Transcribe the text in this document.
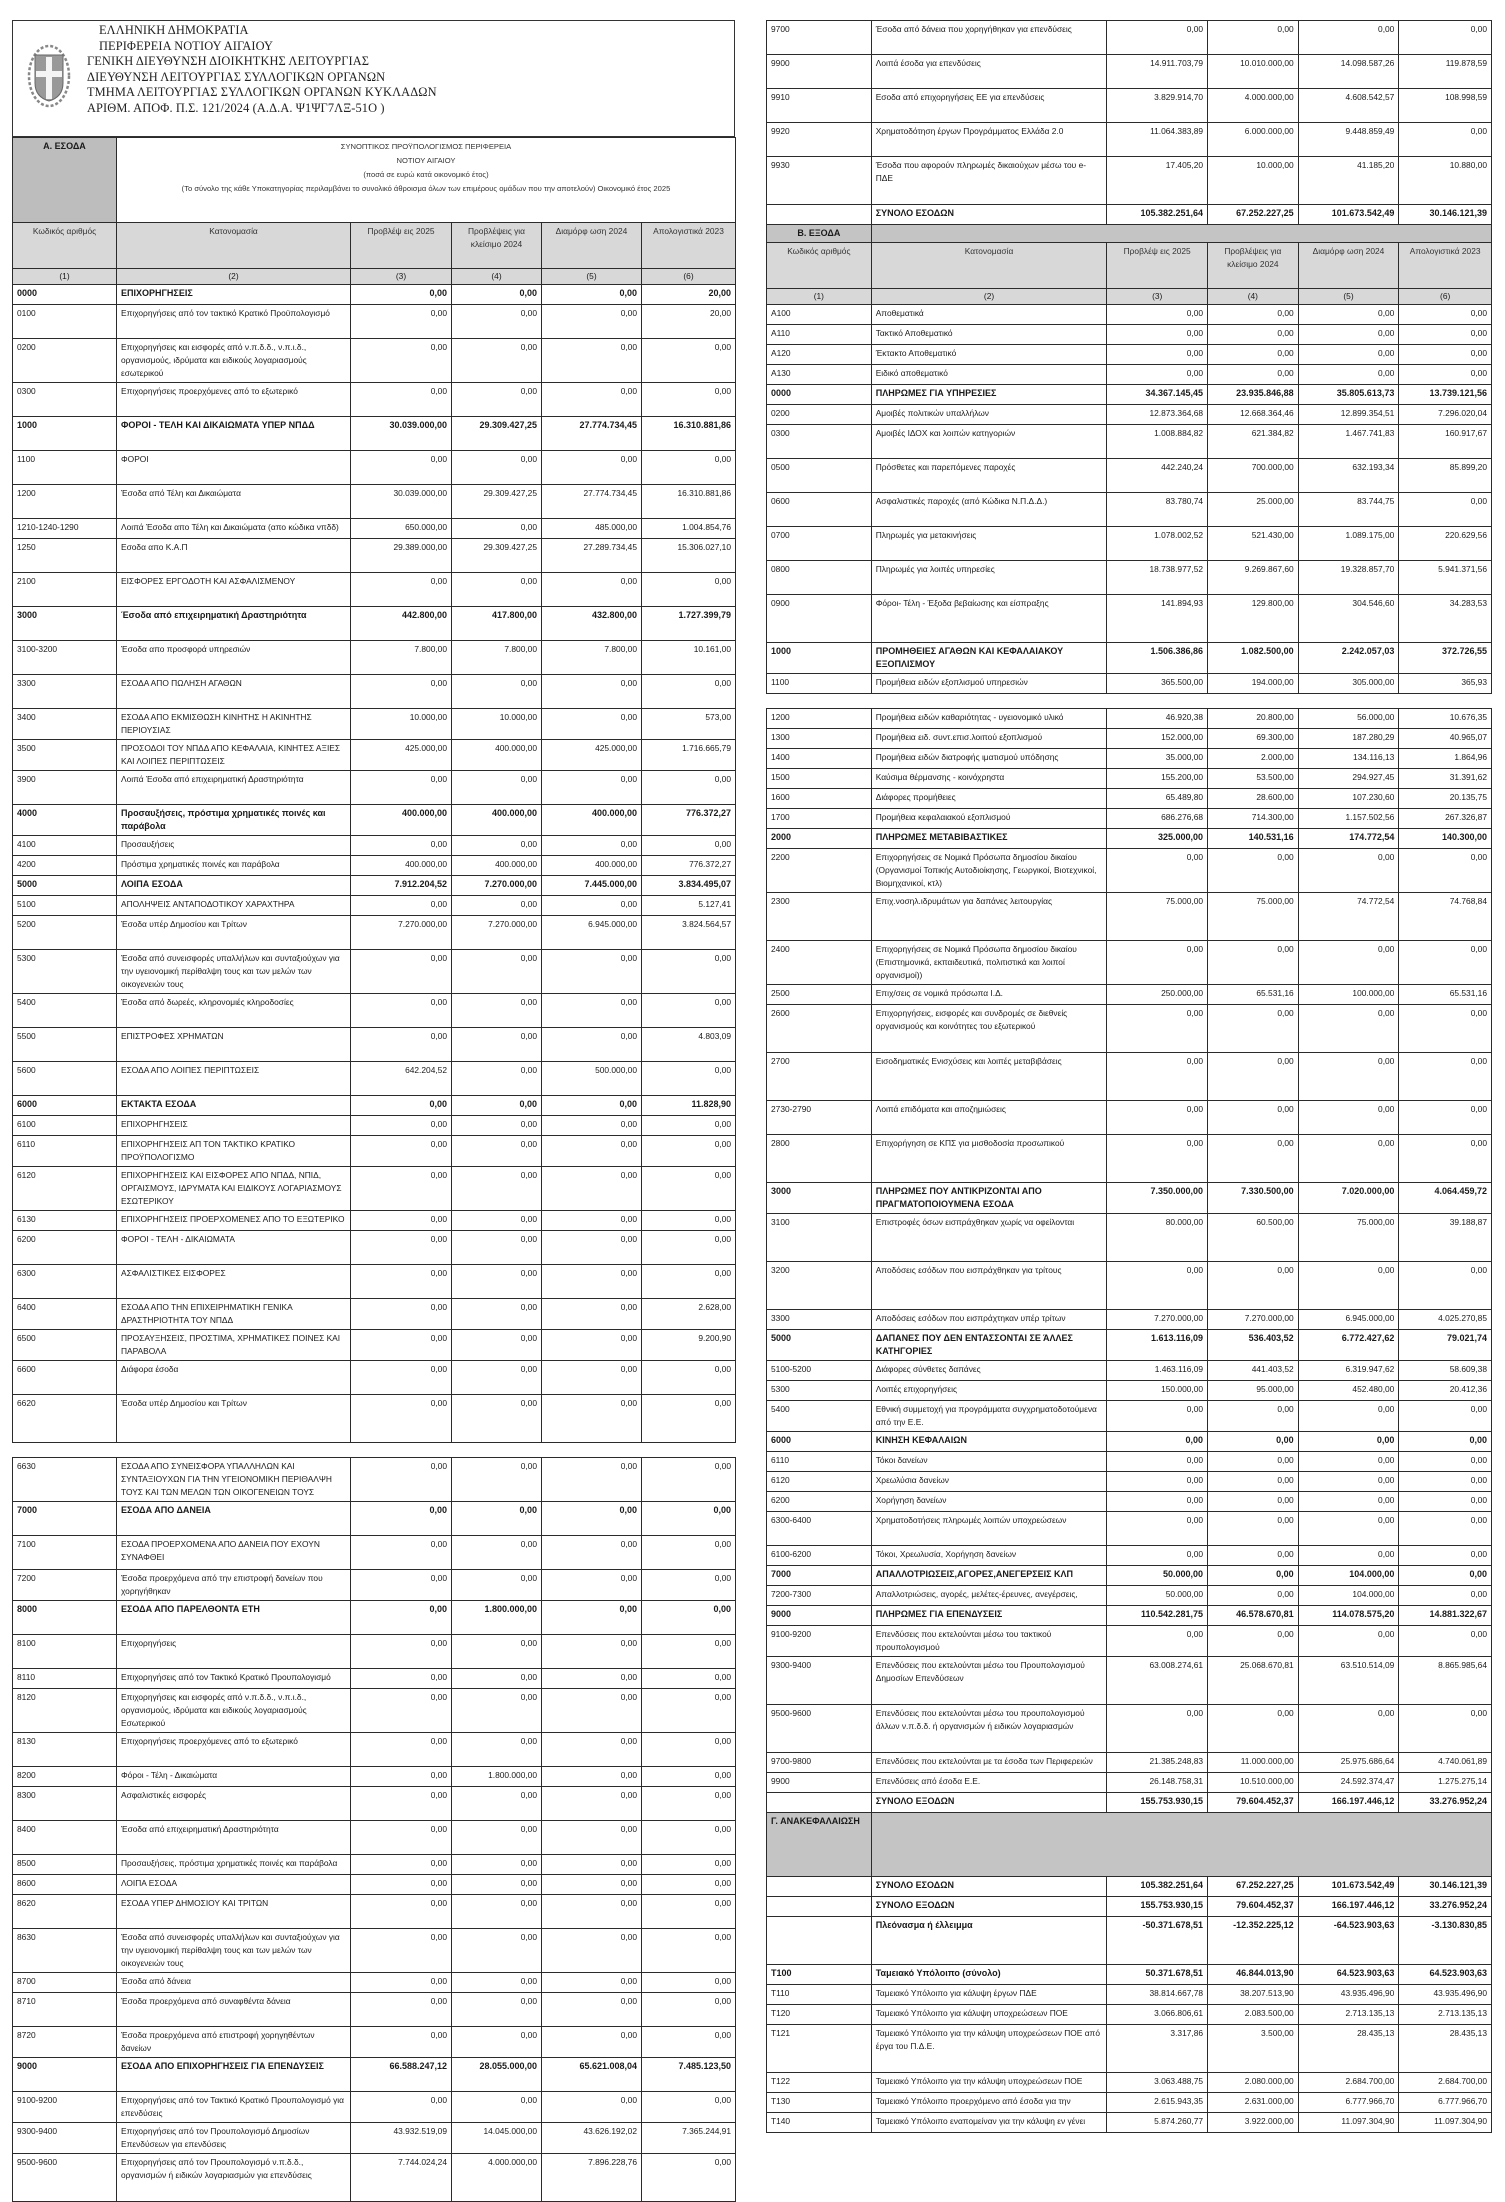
ΕΛΛΗΝΙΚΗ ΔΗΜΟΚΡΑΤΙΑ
ΠΕΡΙΦΕΡΕΙΑ ΝΟΤΙΟΥ ΑΙΓΑΙΟΥ
ΓΕΝΙΚΗ ΔΙΕΥΘΥΝΣΗ ΔΙΟΙΚΗΤΚΗΣ ΛΕΙΤΟΥΡΓΙΑΣ
ΔΙΕΥΘΥΝΣΗ ΛΕΙΤΟΥΡΓΙΑΣ ΣΥΛΛΟΓΙΚΩΝ ΟΡΓΑΝΩΝ
ΤΜΗΜΑ ΛΕΙΤΟΥΡΓΙΑΣ ΣΥΛΛΟΓΙΚΩΝ ΟΡΓΑΝΩΝ ΚΥΚΛΑΔΩΝ
ΑΡΙΘΜ. ΑΠΟΦ. Π.Σ. 121/2024 (Α.Δ.Α. Ψ1ΨΓ7ΛΞ-51Ο )
Α. ΕΣΟΔΑ	ΣΥΝΟΠΤΙΚΟΣ ΠΡΟΫΠΟΛΟΓΙΣΜΟΣ ΠΕΡΙΦΕΡΕΙΑ
ΝΟΤΙΟΥ ΑΙΓΑΙΟΥ
(ποσά σε ευρώ κατά οικονομικό έτος)
(Το σύνολο της κάθε Υποκατηγορίας περιλαμβάνει το συνολικό άθροισμα όλων των επιμέρους ομάδων που την αποτελούν) Οικονομικό έτος 2025				

Κωδικός αριθμός	Κατονομασία	Προβλέψ εις 2025	Προβλέψεις για κλείσιμο 2024	Διαμόρφ ωση 2024	Απολογιστικά 2023
(1)	(2)	(3)	(4)	(5)	(6)
0000	ΕΠΙΧΟΡΗΓΗΣΕΙΣ	0,00	0,00	0,00	20,00
0100	Επιχορηγήσεις από τον τακτικό Κρατικό Προϋπολογισμό	0,00	0,00	0,00	20,00
0200	Επιχορηγήσεις και εισφορές από ν.π.δ.δ., ν.π.ι.δ., οργανισμούς, ιδρύματα και ειδικούς λογαριασμούς εσωτερικού	0,00	0,00	0,00	0,00
0300	Επιχορηγήσεις προερχόμενες από το εξωτερικό	0,00	0,00	0,00	0,00
1000	ΦΟΡΟΙ - ΤΕΛΗ ΚΑΙ ΔΙΚΑΙΩΜΑΤΑ ΥΠΕΡ ΝΠΔΔ	30.039.000,00	29.309.427,25	27.774.734,45	16.310.881,86
1100	ΦΟΡΟΙ	0,00	0,00	0,00	0,00
1200	Έσοδα από Τέλη και Δικαιώματα	30.039.000,00	29.309.427,25	27.774.734,45	16.310.881,86
1210-1240-1290	Λοιπά Έσοδα απο Τέλη και Δικαιώματα (απο κώδικα νπδδ)	650.000,00	0,00	485.000,00	1.004.854,76
1250	Εσοδα απο Κ.Α.Π	29.389.000,00	29.309.427,25	27.289.734,45	15.306.027,10
2100	ΕΙΣΦΟΡΕΣ ΕΡΓΟΔΟΤΗ ΚΑΙ ΑΣΦΑΛΙΣΜΕΝΟΥ	0,00	0,00	0,00	0,00
3000	Έσοδα από επιχειρηματική Δραστηριότητα	442.800,00	417.800,00	432.800,00	1.727.399,79
3100-3200	Έσοδα απο προσφορά υπηρεσιών	7.800,00	7.800,00	7.800,00	10.161,00
3300	ΕΣΟΔΑ ΑΠΟ ΠΩΛΗΣΗ ΑΓΑΘΩΝ	0,00	0,00	0,00	0,00
3400	ΕΣΟΔΑ ΑΠΟ ΕΚΜΙΣΘΩΣΗ ΚΙΝΗΤΗΣ Η ΑΚΙΝΗΤΗΣ ΠΕΡΙΟΥΣΙΑΣ	10.000,00	10.000,00	0,00	573,00
3500	ΠΡΟΣΟΔΟΙ ΤΟΥ ΝΠΔΔ ΑΠΟ ΚΕΦΑΛΑΙΑ, ΚΙΝΗΤΕΣ ΑΞΙΕΣ ΚΑΙ ΛΟΙΠΕΣ ΠΕΡΙΠΤΩΣΕΙΣ	425.000,00	400.000,00	425.000,00	1.716.665,79
3900	Λοιπά Έσοδα από επιχειρηματική Δραστηριότητα	0,00	0,00	0,00	0,00
4000	Προσαυξήσεις, πρόστιμα χρηματικές ποινές και παράβολα	400.000,00	400.000,00	400.000,00	776.372,27
4100	Προσαυξήσεις	0,00	0,00	0,00	0,00
4200	Πρόστιμα χρηματικές ποινές και παράβολα	400.000,00	400.000,00	400.000,00	776.372,27
5000	ΛΟΙΠΑ ΕΣΟΔΑ	7.912.204,52	7.270.000,00	7.445.000,00	3.834.495,07
5100	ΑΠΟΛΗΨΕΙΣ ΑΝΤΑΠΟΔΟΤΙΚΟΥ ΧΑΡΑΧΤΗΡΑ	0,00	0,00	0,00	5.127,41
5200	Έσοδα υπέρ Δημοσίου και Τρίτων	7.270.000,00	7.270.000,00	6.945.000,00	3.824.564,57
5300	Έσοδα από συνεισφορές υπαλλήλων και συνταξιούχων για την υγειονομική περίθαλψη τους και των μελών των οικογενειών τους	0,00	0,00	0,00	0,00
5400	Έσοδα από δωρεές, κληρονομιές κληροδοσίες	0,00	0,00	0,00	0,00
5500	ΕΠΙΣΤΡΟΦΕΣ ΧΡΗΜΑΤΩΝ	0,00	0,00	0,00	4.803,09
5600	ΕΣΟΔΑ ΑΠΟ ΛΟΙΠΕΣ ΠΕΡΙΠΤΩΣΕΙΣ	642.204,52	0,00	500.000,00	0,00
6000	ΕΚΤΑΚΤΑ ΕΣΟΔΑ	0,00	0,00	0,00	11.828,90
6100	ΕΠΙΧΟΡΗΓΗΣΕΙΣ	0,00	0,00	0,00	0,00
6110	ΕΠΙΧΟΡΗΓΗΣΕΙΣ ΑΠ ΤΟΝ ΤΑΚΤΙΚΟ ΚΡΑΤΙΚΟ ΠΡΟΫΠΟΛΟΓΙΣΜΟ	0,00	0,00	0,00	0,00
6120	ΕΠΙΧΟΡΗΓΗΣΕΙΣ ΚΑΙ ΕΙΣΦΟΡΕΣ ΑΠΟ ΝΠΔΔ, ΝΠΙΔ, ΟΡΓΑΙΣΜΟΥΣ, ΙΔΡΥΜΑΤΑ ΚΑΙ ΕΙΔΙΚΟΥΣ ΛΟΓΑΡΙΑΣΜΟΥΣ ΕΣΩΤΕΡΙΚΟΥ	0,00	0,00	0,00	0,00
6130	ΕΠΙΧΟΡΗΓΗΣΕΙΣ ΠΡΟΕΡΧΟΜΕΝΕΣ ΑΠΟ ΤΟ ΕΞΩΤΕΡΙΚΟ	0,00	0,00	0,00	0,00
6200	ΦΟΡΟΙ - ΤΕΛΗ - ΔΙΚΑΙΩΜΑΤΑ	0,00	0,00	0,00	0,00
6300	ΑΣΦΑΛΙΣΤΙΚΕΣ ΕΙΣΦΟΡΕΣ	0,00	0,00	0,00	0,00
6400	ΕΣΟΔΑ ΑΠΟ ΤΗΝ ΕΠΙΧΕΙΡΗΜΑΤΙΚΗ ΓΕΝΙΚΑ ΔΡΑΣΤΗΡΙΟΤΗΤΑ ΤΟΥ ΝΠΔΔ	0,00	0,00	0,00	2.628,00
6500	ΠΡΟΣΑΥΞΗΣΕΙΣ, ΠΡΟΣΤΙΜΑ, ΧΡΗΜΑΤΙΚΕΣ ΠΟΙΝΕΣ ΚΑΙ ΠΑΡΑΒΟΛΑ	0,00	0,00	0,00	9.200,90
6600	Διάφορα έσοδα	0,00	0,00	0,00	0,00
6620	Έσοδα υπέρ Δημοσίου και Τρίτων	0,00	0,00	0,00	0,00
6630	ΕΣΟΔΑ ΑΠΟ ΣΥΝΕΙΣΦΟΡΑ ΥΠΑΛΛΗΛΩΝ ΚΑΙ ΣΥΝΤΑΞΙΟΥΧΩΝ ΓΙΑ ΤΗΝ ΥΓΕΙΟΝΟΜΙΚΗ ΠΕΡΙΘΑΛΨΗ ΤΟΥΣ ΚΑΙ ΤΩΝ ΜΕΛΩΝ ΤΩΝ ΟΙΚΟΓΕΝΕΙΩΝ ΤΟΥΣ	0,00	0,00	0,00	0,00
7000	ΕΣΟΔΑ ΑΠΟ ΔΑΝΕΙΑ	0,00	0,00	0,00	0,00
7100	ΕΣΟΔΑ ΠΡΟΕΡΧΟΜΕΝΑ ΑΠΟ ΔΑΝΕΙΑ ΠΟΥ ΕΧΟΥΝ ΣΥΝΑΦΘΕΙ	0,00	0,00	0,00	0,00
7200	Έσοδα προερχόμενα από την επιστροφή δανείων που χορηγήθηκαν	0,00	0,00	0,00	0,00
8000	ΕΣΟΔΑ ΑΠΟ ΠΑΡΕΛΘΟΝΤΑ ΕΤΗ	0,00	1.800.000,00	0,00	0,00
8100	Επιχορηγήσεις	0,00	0,00	0,00	0,00
8110	Επιχορηγήσεις από τον Τακτικό Κρατικό Προυπολογισμό	0,00	0,00	0,00	0,00
8120	Επιχορηγήσεις και εισφορές από ν.π.δ.δ., ν.π.ι.δ., οργανισμούς, ιδρύματα και ειδικούς λογαριασμούς Εσωτερικού	0,00	0,00	0,00	0,00
8130	Επιχορηγήσεις προερχόμενες από το εξωτερικό	0,00	0,00	0,00	0,00
8200	Φόροι - Τέλη - Δικαιώματα	0,00	1.800.000,00	0,00	0,00
8300	Ασφαλιστικές εισφορές	0,00	0,00	0,00	0,00
8400	Έσοδα από επιχειρηματική Δραστηριότητα	0,00	0,00	0,00	0,00
8500	Προσαυξήσεις, πρόστιμα χρηματικές ποινές και παράβολα	0,00	0,00	0,00	0,00
8600	ΛΟΙΠΑ ΕΣΟΔΑ	0,00	0,00	0,00	0,00
8620	ΕΣΟΔΑ ΥΠΕΡ ΔΗΜΟΣΙΟΥ ΚΑΙ ΤΡΙΤΩΝ	0,00	0,00	0,00	0,00
8630	Έσοδα από συνεισφορές υπαλλήλων και συνταξιούχων για την υγειονομική περίθαλψη τους και των μελών των οικογενειών τους	0,00	0,00	0,00	0,00
8700	Έσοδα από δάνεια	0,00	0,00	0,00	0,00
8710	Έσοδα προερχόμενα από συναφθέντα δάνεια	0,00	0,00	0,00	0,00
8720	Έσοδα προερχόμενα από επιστροφή χορηγηθέντων δανείων	0,00	0,00	0,00	0,00
9000	ΕΣΟΔΑ ΑΠΟ ΕΠΙΧΟΡΗΓΗΣΕΙΣ ΓΙΑ ΕΠΕΝΔΥΣΕΙΣ	66.588.247,12	28.055.000,00	65.621.008,04	7.485.123,50
9100-9200	Επιχορηγήσεις από τον Τακτικό Κρατικό Προυπολογισμό για επενδύσεις	0,00	0,00	0,00	0,00
9300-9400	Επιχορηγήσεις από τον Προυπολογισμό Δημοσίων Επενδύσεων για επενδύσεις	43.932.519,09	14.045.000,00	43.626.192,02	7.365.244,91
9500-9600	Επιχορηγήσεις από τον Προυπολογισμό ν.π.δ.δ., οργανισμών ή ειδικών λογαριασμών για επενδύσεις	7.744.024,24	4.000.000,00	7.896.228,76	0,00
9700	Έσοδα από δάνεια που χορηγήθηκαν για επενδύσεις	0,00	0,00	0,00	0,00
9900	Λοιπά έσοδα για επενδύσεις	14.911.703,79	10.010.000,00	14.098.587,26	119.878,59
9910	Εσοδα από επιχορηγήσεις ΕΕ για επενδύσεις	3.829.914,70	4.000.000,00	4.608.542,57	108.998,59
9920	Χρηματοδότηση έργων Προγράμματος Ελλάδα 2.0	11.064.383,89	6.000.000,00	9.448.859,49	0,00
9930	Έσοδα που αφορούν πληρωμές δικαιούχων μέσω του e-ΠΔΕ	17.405,20	10.000,00	41.185,20	10.880,00
	ΣΥΝΟΛΟ ΕΣΟΔΩΝ	105.382.251,64	67.252.227,25	101.673.542,49	30.146.121,39
Β. ΕΞΟΔΑ					
Κωδικός αριθμός	Κατονομασία	Προβλέψ εις 2025	Προβλέψεις για κλείσιμο 2024	Διαμόρφ ωση 2024	Απολογιστικά 2023
(1)	(2)	(3)	(4)	(5)	(6)
Α100	Αποθεματικά	0,00	0,00	0,00	0,00
Α110	Τακτικό Αποθεματικό	0,00	0,00	0,00	0,00
Α120	Έκτακτο Αποθεματικό	0,00	0,00	0,00	0,00
Α130	Ειδικό αποθεματικό	0,00	0,00	0,00	0,00
0000	ΠΛΗΡΩΜΕΣ ΓΙΑ ΥΠΗΡΕΣΙΕΣ	34.367.145,45	23.935.846,88	35.805.613,73	13.739.121,56
0200	Αμοιβές πολιτικών υπαλλήλων	12.873.364,68	12.668.364,46	12.899.354,51	7.296.020,04
0300	Αμοιβές ΙΔΟΧ και λοιπών κατηγοριών	1.008.884,82	621.384,82	1.467.741,83	160.917,67
0500	Πρόσθετες και παρεπόμενες παροχές	442.240,24	700.000,00	632.193,34	85.899,20
0600	Ασφαλιστικές παροχές (από Κώδικα Ν.Π.Δ.Δ.)	83.780,74	25.000,00	83.744,75	0,00
0700	Πληρωμές για μετακινήσεις	1.078.002,52	521.430,00	1.089.175,00	220.629,56
0800	Πληρωμές για λοιπές υπηρεσίες	18.738.977,52	9.269.867,60	19.328.857,70	5.941.371,56
0900	Φόροι- Τέλη - Έξοδα βεβαίωσης και είσπραξης	141.894,93	129.800,00	304.546,60	34.283,53
1000	ΠΡΟΜΗΘΕΙΕΣ ΑΓΑΘΩΝ ΚΑΙ ΚΕΦΑΛΑΙΑΚΟΥ ΕΞΟΠΛΙΣΜΟΥ	1.506.386,86	1.082.500,00	2.242.057,03	372.726,55
1100	Προμήθεια ειδών εξοπλισμού υπηρεσιών	365.500,00	194.000,00	305.000,00	365,93
1200	Προμήθεια ειδών καθαριότητας - υγειονομικό υλικό	46.920,38	20.800,00	56.000,00	10.676,35
1300	Προμήθεια ειδ. συντ.επισ.λοιπού εξοπλισμού	152.000,00	69.300,00	187.280,29	40.965,07
1400	Προμήθεια ειδών διατροφής ιματισμού υπόδησης	35.000,00	2.000,00	134.116,13	1.864,96
1500	Καύσιμα θέρμανσης - κοινόχρηστα	155.200,00	53.500,00	294.927,45	31.391,62
1600	Διάφορες προμήθειες	65.489,80	28.600,00	107.230,60	20.135,75
1700	Προμήθεια κεφαλαιακού εξοπλισμού	686.276,68	714.300,00	1.157.502,56	267.326,87
2000	ΠΛΗΡΩΜΕΣ ΜΕΤΑΒΙΒΑΣΤΙΚΕΣ	325.000,00	140.531,16	174.772,54	140.300,00
2200	Επιχορηγήσεις σε Νομικά Πρόσωπα δημοσίου δικαίου (Οργανισμοί Τοπικής Αυτοδιοίκησης, Γεωργικοί, Βιοτεχνικοί, Βιομηχανικοί, κτλ)	0,00	0,00	0,00	0,00
2300	Επιχ.νοσηλ.ιδρυμάτων για δαπάνες λειτουργίας	75.000,00	75.000,00	74.772,54	74.768,84
2400	Επιχορηγήσεις σε Νομικά Πρόσωπα δημοσίου δικαίου (Επιστημονικά, εκπαιδευτικά, πολιτιστικά και λοιποί οργανισμοί))	0,00	0,00	0,00	0,00
2500	Επιχ/σεις σε νομικά πρόσωπα Ι.Δ.	250.000,00	65.531,16	100.000,00	65.531,16
2600	Επιχορηγήσεις, εισφορές και συνδρομές σε διεθνείς οργανισμούς και κοινότητες του εξωτερικού	0,00	0,00	0,00	0,00
2700	Εισοδηματικές Ενισχύσεις και λοιπές μεταβιβάσεις	0,00	0,00	0,00	0,00
2730-2790	Λοιπά επιδόματα και αποζημιώσεις	0,00	0,00	0,00	0,00
2800	Επιχορήγηση σε ΚΠΣ για μισθοδοσία προσωπικού	0,00	0,00	0,00	0,00
3000	ΠΛΗΡΩΜΕΣ ΠΟΥ ΑΝΤΙΚΡΙΖΟΝΤΑΙ ΑΠΟ ΠΡΑΓΜΑΤΟΠΟΙΟΥΜΕΝΑ ΕΣΟΔΑ	7.350.000,00	7.330.500,00	7.020.000,00	4.064.459,72
3100	Επιστροφές όσων εισπράχθηκαν χωρίς να οφείλονται	80.000,00	60.500,00	75.000,00	39.188,87
3200	Αποδόσεις εσόδων που εισπράχθηκαν για τρίτους	0,00	0,00	0,00	0,00
3300	Αποδόσεις εσόδων που εισπράχτηκαν υπέρ τρίτων	7.270.000,00	7.270.000,00	6.945.000,00	4.025.270,85
5000	ΔΑΠΑΝΕΣ ΠΟΥ ΔΕΝ ΕΝΤΑΣΣΟΝΤΑΙ ΣΕ ΆΛΛΕΣ ΚΑΤΗΓΟΡΙΕΣ	1.613.116,09	536.403,52	6.772.427,62	79.021,74
5100-5200	Διάφορες σύνθετες δαπάνες	1.463.116,09	441.403,52	6.319.947,62	58.609,38
5300	Λοιπές επιχορηγήσεις	150.000,00	95.000,00	452.480,00	20.412,36
5400	Εθνική συμμετοχή για προγράμματα συγχρηματοδοτούμενα από την Ε.Ε.	0,00	0,00	0,00	0,00
6000	ΚΙΝΗΣΗ ΚΕΦΑΛΑΙΩΝ	0,00	0,00	0,00	0,00
6110	Τόκοι δανείων	0,00	0,00	0,00	0,00
6120	Χρεωλύσια δανείων	0,00	0,00	0,00	0,00
6200	Χορήγηση δανείων	0,00	0,00	0,00	0,00
6300-6400	Χρηματοδοτήσεις πληρωμές λοιπών υποχρεώσεων	0,00	0,00	0,00	0,00
6100-6200	Τόκοι, Χρεωλυσία, Χορήγηση δανείων	0,00	0,00	0,00	0,00
7000	ΑΠΑΛΛΟΤΡΙΩΣΕΙΣ,ΑΓΟΡΕΣ,ΑΝΕΓΕΡΣΕΙΣ ΚΛΠ	50.000,00	0,00	104.000,00	0,00
7200-7300	Απαλλοτριώσεις, αγορές, μελέτες-έρευνες, ανεγέρσεις,	50.000,00	0,00	104.000,00	0,00
9000	ΠΛΗΡΩΜΕΣ ΓΙΑ ΕΠΕΝΔΥΣΕΙΣ	110.542.281,75	46.578.670,81	114.078.575,20	14.881.322,67
9100-9200	Επενδύσεις που εκτελούνται μέσω του τακτικού προυπολογισμού	0,00	0,00	0,00	0,00
9300-9400	Επενδύσεις που εκτελούνται μέσω του Προυπολογισμού Δημοσίων Επενδύσεων	63.008.274,61	25.068.670,81	63.510.514,09	8.865.985,64
9500-9600	Επενδύσεις που εκτελούνται μέσω του προυπολογισμού άλλων ν.π.δ.δ. ή οργανισμών ή ειδικών λογαριασμών	0,00	0,00	0,00	0,00
9700-9800	Επενδύσεις που εκτελούνται με τα έσοδα των Περιφερειών	21.385.248,83	11.000.000,00	25.975.686,64	4.740.061,89
9900	Επενδύσεις από έσοδα Ε.Ε.	26.148.758,31	10.510.000,00	24.592.374,47	1.275.275,14
	ΣΥΝΟΛΟ ΕΞΟΔΩΝ	155.753.930,15	79.604.452,37	166.197.446,12	33.276.952,24
Γ. ΑΝΑΚΕΦΑΛΑΙΩΣΗ					
	ΣΥΝΟΛΟ ΕΣΟΔΩΝ	105.382.251,64	67.252.227,25	101.673.542,49	30.146.121,39
	ΣΥΝΟΛΟ ΕΞΟΔΩΝ	155.753.930,15	79.604.452,37	166.197.446,12	33.276.952,24
	Πλεόνασμα ή έλλειμμα	-50.371.678,51	-12.352.225,12	-64.523.903,63	-3.130.830,85
Τ100	Ταμειακό Υπόλοιπο (σύνολο)	50.371.678,51	46.844.013,90	64.523.903,63	64.523.903,63
Τ110	Ταμειακό Υπόλοιπο για κάλυψη έργων ΠΔΕ	38.814.667,78	38.207.513,90	43.935.496,90	43.935.496,90
Τ120	Ταμειακό Υπόλοιπο για κάλυψη υποχρεώσεων ΠΟΕ	3.066.806,61	2.083.500,00	2.713.135,13	2.713.135,13
Τ121	Ταμειακό Υπόλοιπο για την κάλυψη υποχρεώσεων ΠΟΕ από έργα του Π.Δ.Ε.	3.317,86	3.500,00	28.435,13	28.435,13
Τ122	Ταμειακό Υπόλοιπο για την κάλυψη υποχρεώσεων ΠΟΕ	3.063.488,75	2.080.000,00	2.684.700,00	2.684.700,00
Τ130	Ταμειακό Υπόλοιπο προερχόμενο από έσοδα για την	2.615.943,35	2.631.000,00	6.777.966,70	6.777.966,70
Τ140	Ταμειακό Υπόλοιπο εναπομείναν για την κάλυψη εν γένει	5.874.260,77	3.922.000,00	11.097.304,90	11.097.304,90
